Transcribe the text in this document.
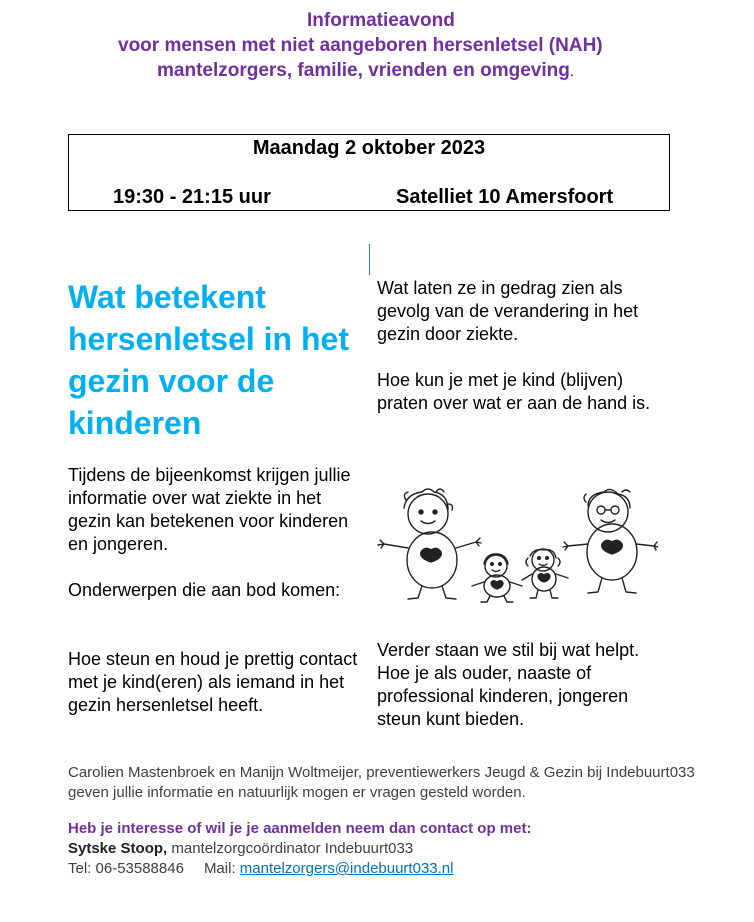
Informatieavond
voor mensen met niet aangeboren hersenletsel (NAH)
mantelzorgers, familie, vrienden en omgeving.
Maandag 2 oktober 2023
19:30 - 21:15 uur	Satelliet 10 Amersfoort
Wat betekent hersenletsel in het gezin voor de kinderen

Tijdens de bijeenkomst krijgen jullie informatie over wat ziekte in het gezin kan betekenen voor kinderen en jongeren.

Onderwerpen die aan bod komen:

Hoe steun en houd je prettig contact met je kind(eren) als iemand in het gezin hersenletsel heeft.

Wat laten ze in gedrag zien als gevolg van de verandering in het gezin door ziekte.

Hoe kun je met je kind (blijven) praten over wat er aan de hand is.

Verder staan we stil bij wat helpt. Hoe je als ouder, naaste of professional kinderen, jongeren steun kunt bieden.

Carolien Mastenbroek en Manijn Woltmeijer, preventiewerkers Jeugd & Gezin bij Indebuurt033 geven jullie informatie en natuurlijk mogen er vragen gesteld worden.

Heb je interesse of wil je je aanmelden neem dan contact op met:
Sytske Stoop, mantelzorgcoördinator Indebuurt033
Tel: 06-53588846 Mail: mantelzorgers@indebuurt033.nl
